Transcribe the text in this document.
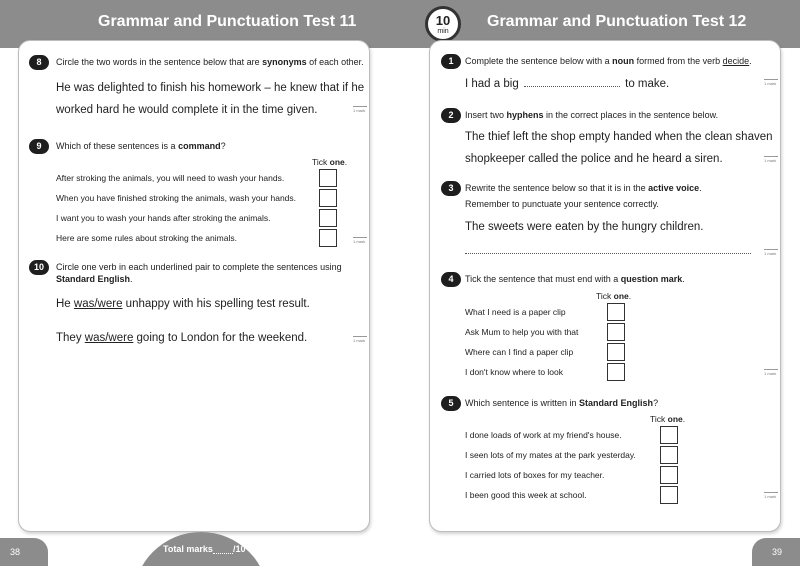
Grammar and Punctuation Test 11	Grammar and Punctuation Test 12
10
min
8	Circle the two words in the sentence below that are synonyms of each other.
He was delighted to finish his homework – he knew that if he
worked hard he would complete it in the time given.	1 mark
9	Which of these sentences is a command?
Tick one.
After stroking the animals, you will need to wash your hands.
When you have finished stroking the animals, wash your hands.
I want you to wash your hands after stroking the animals.
Here are some rules about stroking the animals.	1 mark
10	Circle one verb in each underlined pair to complete the sentences using
Standard English.
He was/were unhappy with his spelling test result.
They was/were going to London for the weekend.	1 mark
1	Complete the sentence below with a noun formed from the verb decide.
I had a big	to make.	1 mark
2	Insert two hyphens in the correct places in the sentence below.
The thief left the shop empty handed when the clean shaven
shopkeeper called the police and he heard a siren.	1 mark
3	Rewrite the sentence below so that it is in the active voice.
Remember to punctuate your sentence correctly.
The sweets were eaten by the hungry children.
1 mark
4	Tick the sentence that must end with a question mark.
Tick one.
What I need is a paper clip
Ask Mum to help you with that
Where can I find a paper clip
I don't know where to look	1 mark
5	Which sentence is written in Standard English?
Tick one.
I done loads of work at my friend's house.
I seen lots of my mates at the park yesterday.
I carried lots of boxes for my teacher.
I been good this week at school.	1 mark
38	39
Total marks /10
